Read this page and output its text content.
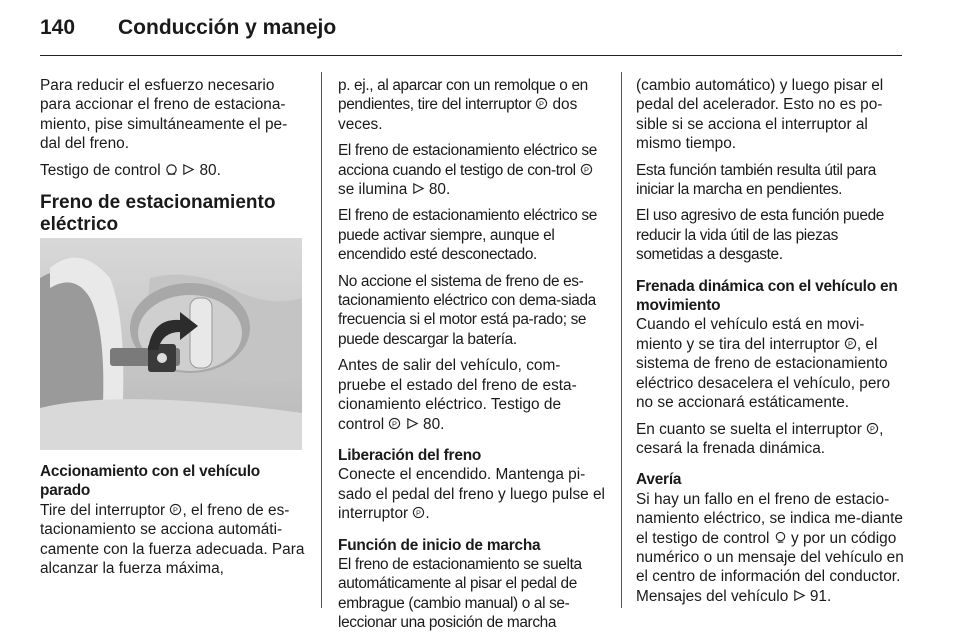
140 Conducción y manejo

Para reducir el esfuerzo necesario para accionar el freno de estaciona-miento, pise simultáneamente el pe-dal del freno.

Testigo de control   80.

Freno de estacionamiento eléctrico

Accionamiento con el vehículo parado

Tire del interruptor P , el freno de es-tacionamiento se acciona automáti-camente con la fuerza adecuada. Para alcanzar la fuerza máxima,

p. ej., al aparcar con un remolque o en pendientes, tire del interruptor P dos veces.

El freno de estacionamiento eléctrico se acciona cuando el testigo de con-trol P
se ilumina  80.

El freno de estacionamiento eléctrico se puede activar siempre, aunque el encendido esté desconectado.

No accione el sistema de freno de es-tacionamiento eléctrico con dema-siada frecuencia si el motor está pa-rado; se puede descargar la batería.

Antes de salir del vehículo, com-pruebe el estado del freno de esta-cionamiento eléctrico. Testigo de control P 80.

Liberación del freno

Conecte el encendido. Mantenga pi-sado el pedal del freno y luego pulse el interruptor P .

Función de inicio de marcha

El freno de estacionamiento se suelta automáticamente al pisar el pedal de embrague (cambio manual) o al se-leccionar una posición de marcha

(cambio automático) y luego pisar el pedal del acelerador. Esto no es po-sible si se acciona el interruptor al mismo tiempo.

Esta función también resulta útil para iniciar la marcha en pendientes.

El uso agresivo de esta función puede reducir la vida útil de las piezas sometidas a desgaste.

Frenada dinámica con el vehículo en movimiento

Cuando el vehículo está en movi-miento y se tira del interruptor P , el sistema de freno de estacionamiento eléctrico desacelera el vehículo, pero no se accionará estáticamente.

En cuanto se suelta el interruptor P , cesará la frenada dinámica.

Avería

Si hay un fallo en el freno de estacio-namiento eléctrico, se indica me-diante el testigo de control  y por un código numérico o un mensaje del vehículo en el centro de información del conductor. Mensajes del vehículo  91.
